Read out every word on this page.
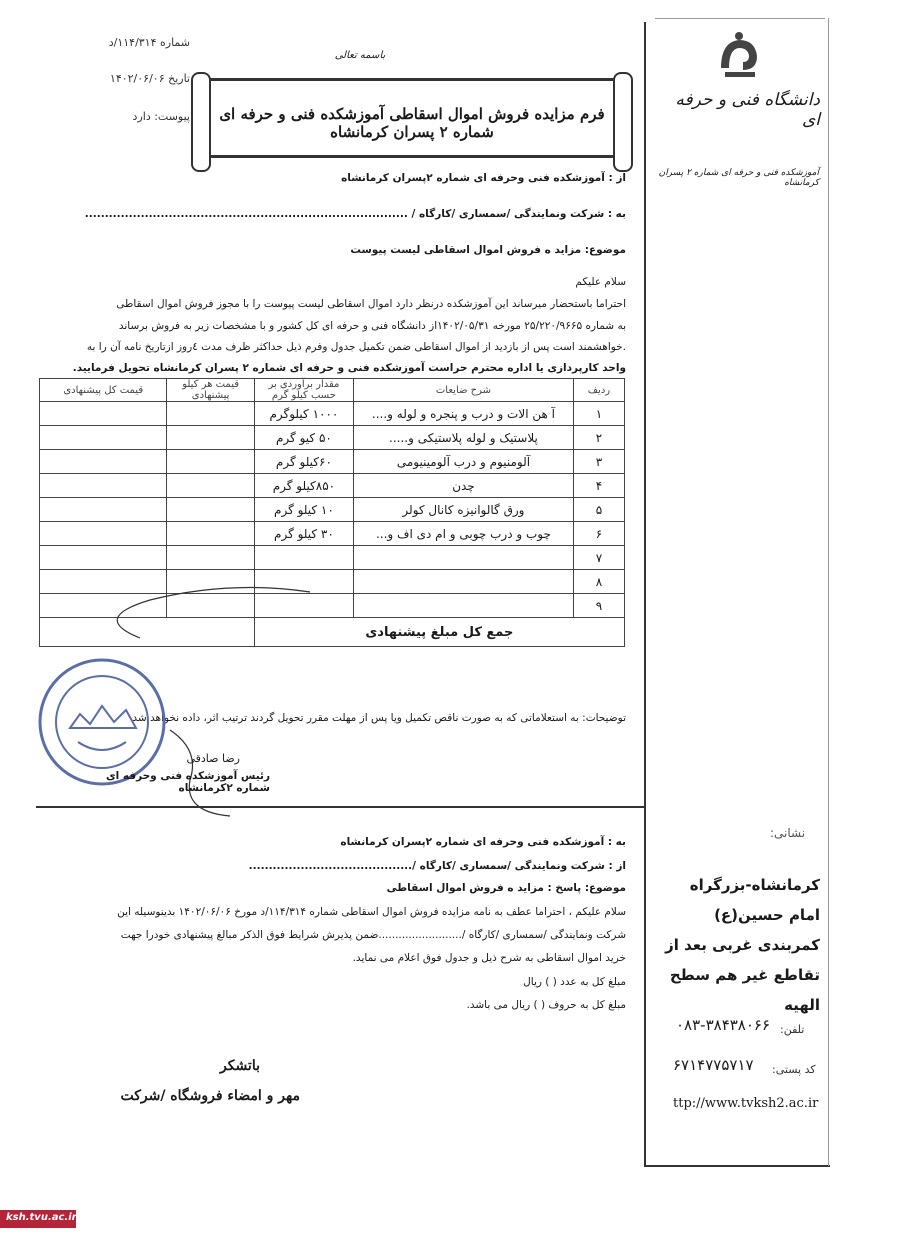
شماره ۱۱۴/۳۱۴/د
تاریخ ۱۴۰۲/۰۶/۰۶
پیوست: دارد
باسمه تعالی
فرم مزایده فروش اموال اسقاطی آموزشکده فنی و حرفه ای شماره ۲ پسران کرمانشاه
دانشگاه فنی و حرفه ای
آموزشکده فنی و حرفه ای شماره ۲ پسران کرمانشاه
نشانی:
کرمانشاه-بزرگراه امام حسین(ع) کمربندی غربی بعد از تقاطع غیر هم سطح الهیه
تلفن:
۰۸۳-۳۸۴۳۸۰۶۶
کد پستی:
۶۷۱۴۷۷۵۷۱۷
ttp://www.tvksh2.ac.ir
از : آموزشکده فنی وحرفه ای شماره ۲پسران کرمانشاه
به : شرکت ونمایندگی /سمساری /کارگاه / .................................................................................
موضوع: مزاید ه فروش اموال اسقاطی لیست پیوست
سلام علیکم
احتراما باستحضار میرساند این آموزشکده درنظر دارد اموال اسقاطی لیست پیوست را با مجوز فروش اموال اسقاطی
به شماره ۲۵/۲۲۰/۹۶۶۵ مورخه ۱۴۰۲/۰۵/۳۱از دانشگاه فنی و حرفه ای کل کشور و با مشخصات زیر به فروش برساند
.خواهشمند است پس از بازدید از اموال اسقاطی ضمن تکمیل جدول وفرم ذیل حداکثر ظرف مدت ٤روز ازتاریخ نامه آن را به
واحد کارپردازی یا اداره محترم حراست آموزشکده فنی و حرفه ای شماره ۲ پسران کرمانشاه تحویل فرمایید.
ردیف	شرح ضایعات	مقدار برآوردی بر حسب کیلو گرم	قیمت هر کیلو پیشنهادی	قیمت کل پیشنهادی
۱	آ هن الات و درب و پنجره و لوله و....	۱۰۰۰ کیلوگرم		
۲	پلاستیک و لوله پلاستیکی و.....	۵۰ کیو گرم		
۳	آلومنیوم و درب آلومینیومی	۶۰کیلو گرم		
۴	چدن	۸۵۰کیلو گرم		
۵	ورق گالوانیزه کانال کولر	۱۰ کیلو گرم		
۶	چوب و درب چوبی و ام دی اف و...	۳۰ کیلو گرم		
۷				
۸				
۹				
جمع کل مبلغ پیشنهادی				
توضیحات: به استعلاماتی که به صورت ناقص تکمیل ویا پس از مهلت مقرر تحویل گردند ترتیب اثر، داده نخواهد شد
رضا صادقی
رئیس آموزشکده فنی وحرفه ای شماره ۲کرمانشاه
به : آموزشکده فنی وحرفه ای شماره ۲پسران کرمانشاه
از : شرکت ونمایندگی /سمساری /کارگاه /.........................................
موضوع: پاسخ : مزاید ه فروش اموال اسقاطی
سلام علیکم ، احتراما عطف به نامه مزایده فروش اموال اسقاطی شماره ۱۱۴/۳۱۴/د مورخ ۱۴۰۲/۰۶/۰۶ بدینوسیله این
شرکت ونمایندگی /سمساری /کارگاه /.........................ضمن پذیرش شرایط فوق الذکر مبالغ پیشنهادی خودرا جهت
خرید اموال اسقاطی به شرح ذیل و جدول فوق اعلام می نماید.
مبلغ کل به عدد ( ) ریال
مبلغ کل به حروف ( ) ریال می باشد.
باتشکر
مهر و امضاء فروشگاه /شرکت
ksh.tvu.ac.ir
